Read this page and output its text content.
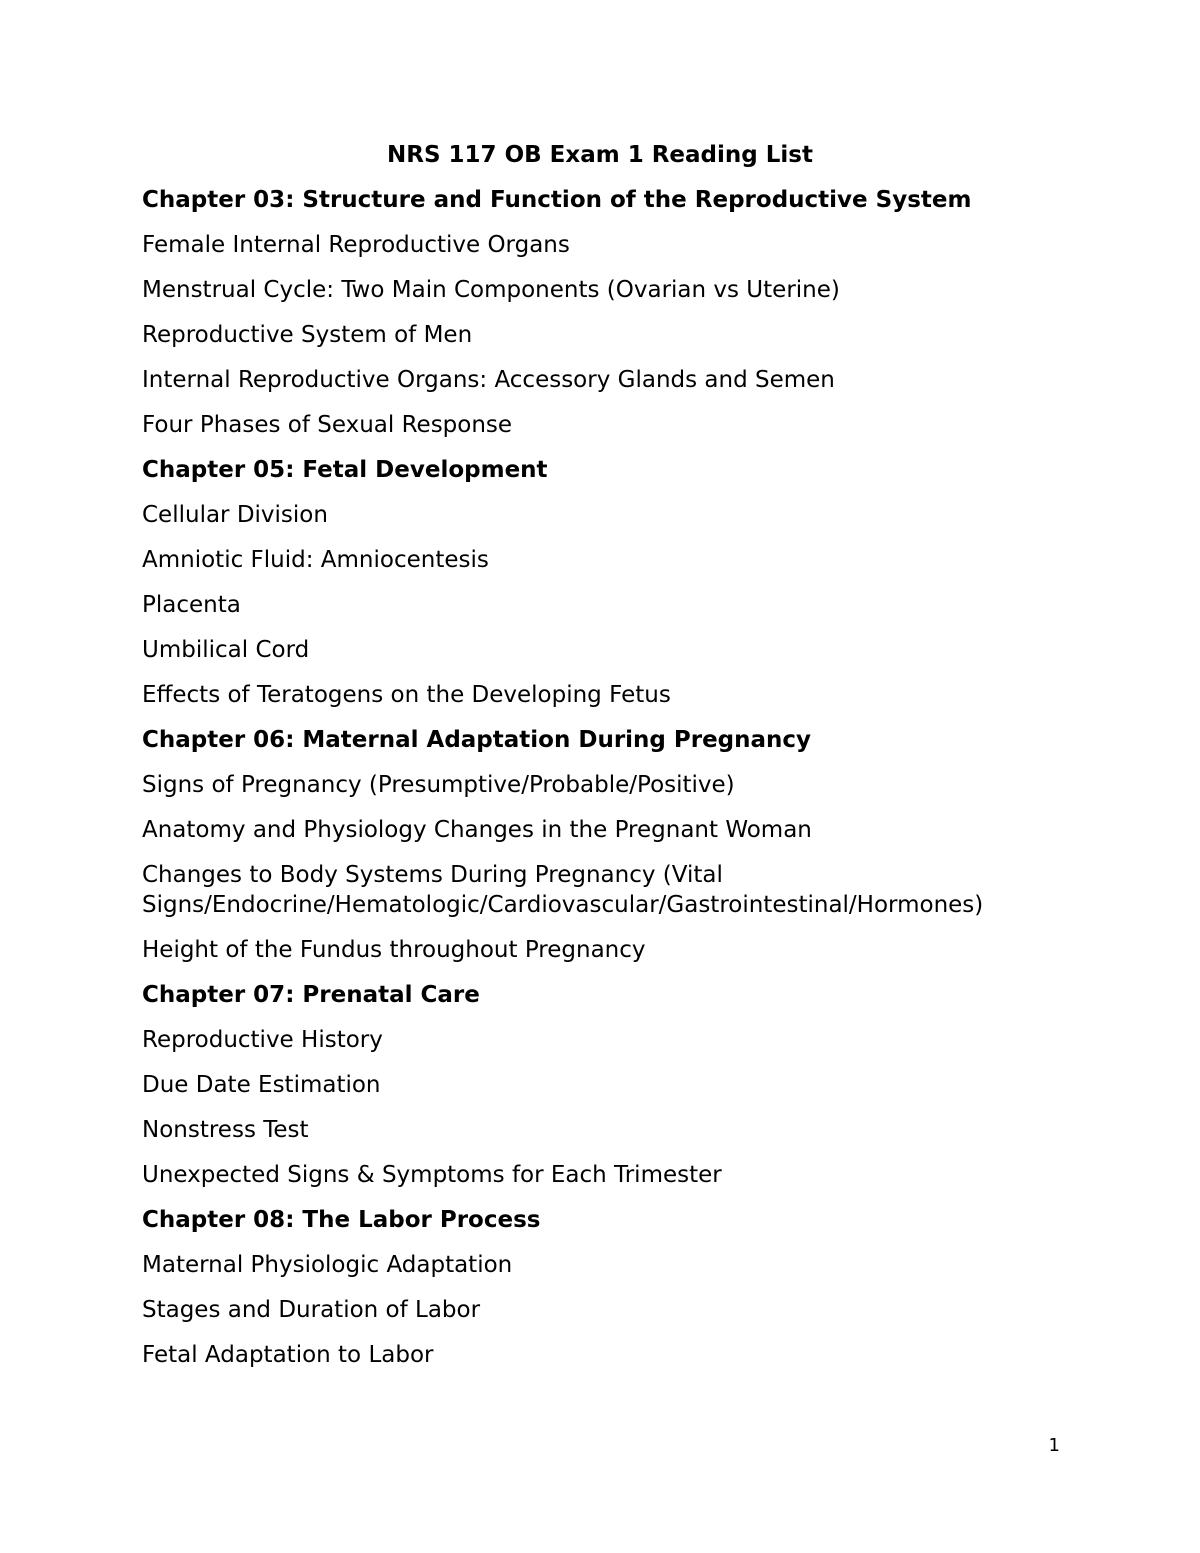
NRS 117 OB Exam 1 Reading List
Chapter 03: Structure and Function of the Reproductive System
Female Internal Reproductive Organs
Menstrual Cycle: Two Main Components (Ovarian vs Uterine)
Reproductive System of Men
Internal Reproductive Organs: Accessory Glands and Semen
Four Phases of Sexual Response
Chapter 05: Fetal Development
Cellular Division
Amniotic Fluid: Amniocentesis
Placenta
Umbilical Cord
Effects of Teratogens on the Developing Fetus
Chapter 06: Maternal Adaptation During Pregnancy
Signs of Pregnancy (Presumptive/Probable/Positive)
Anatomy and Physiology Changes in the Pregnant Woman
Changes to Body Systems During Pregnancy (Vital
Signs/Endocrine/Hematologic/Cardiovascular/Gastrointestinal/Hormones)
Height of the Fundus throughout Pregnancy
Chapter 07: Prenatal Care
Reproductive History
Due Date Estimation
Nonstress Test
Unexpected Signs & Symptoms for Each Trimester
Chapter 08: The Labor Process
Maternal Physiologic Adaptation
Stages and Duration of Labor
Fetal Adaptation to Labor
1
